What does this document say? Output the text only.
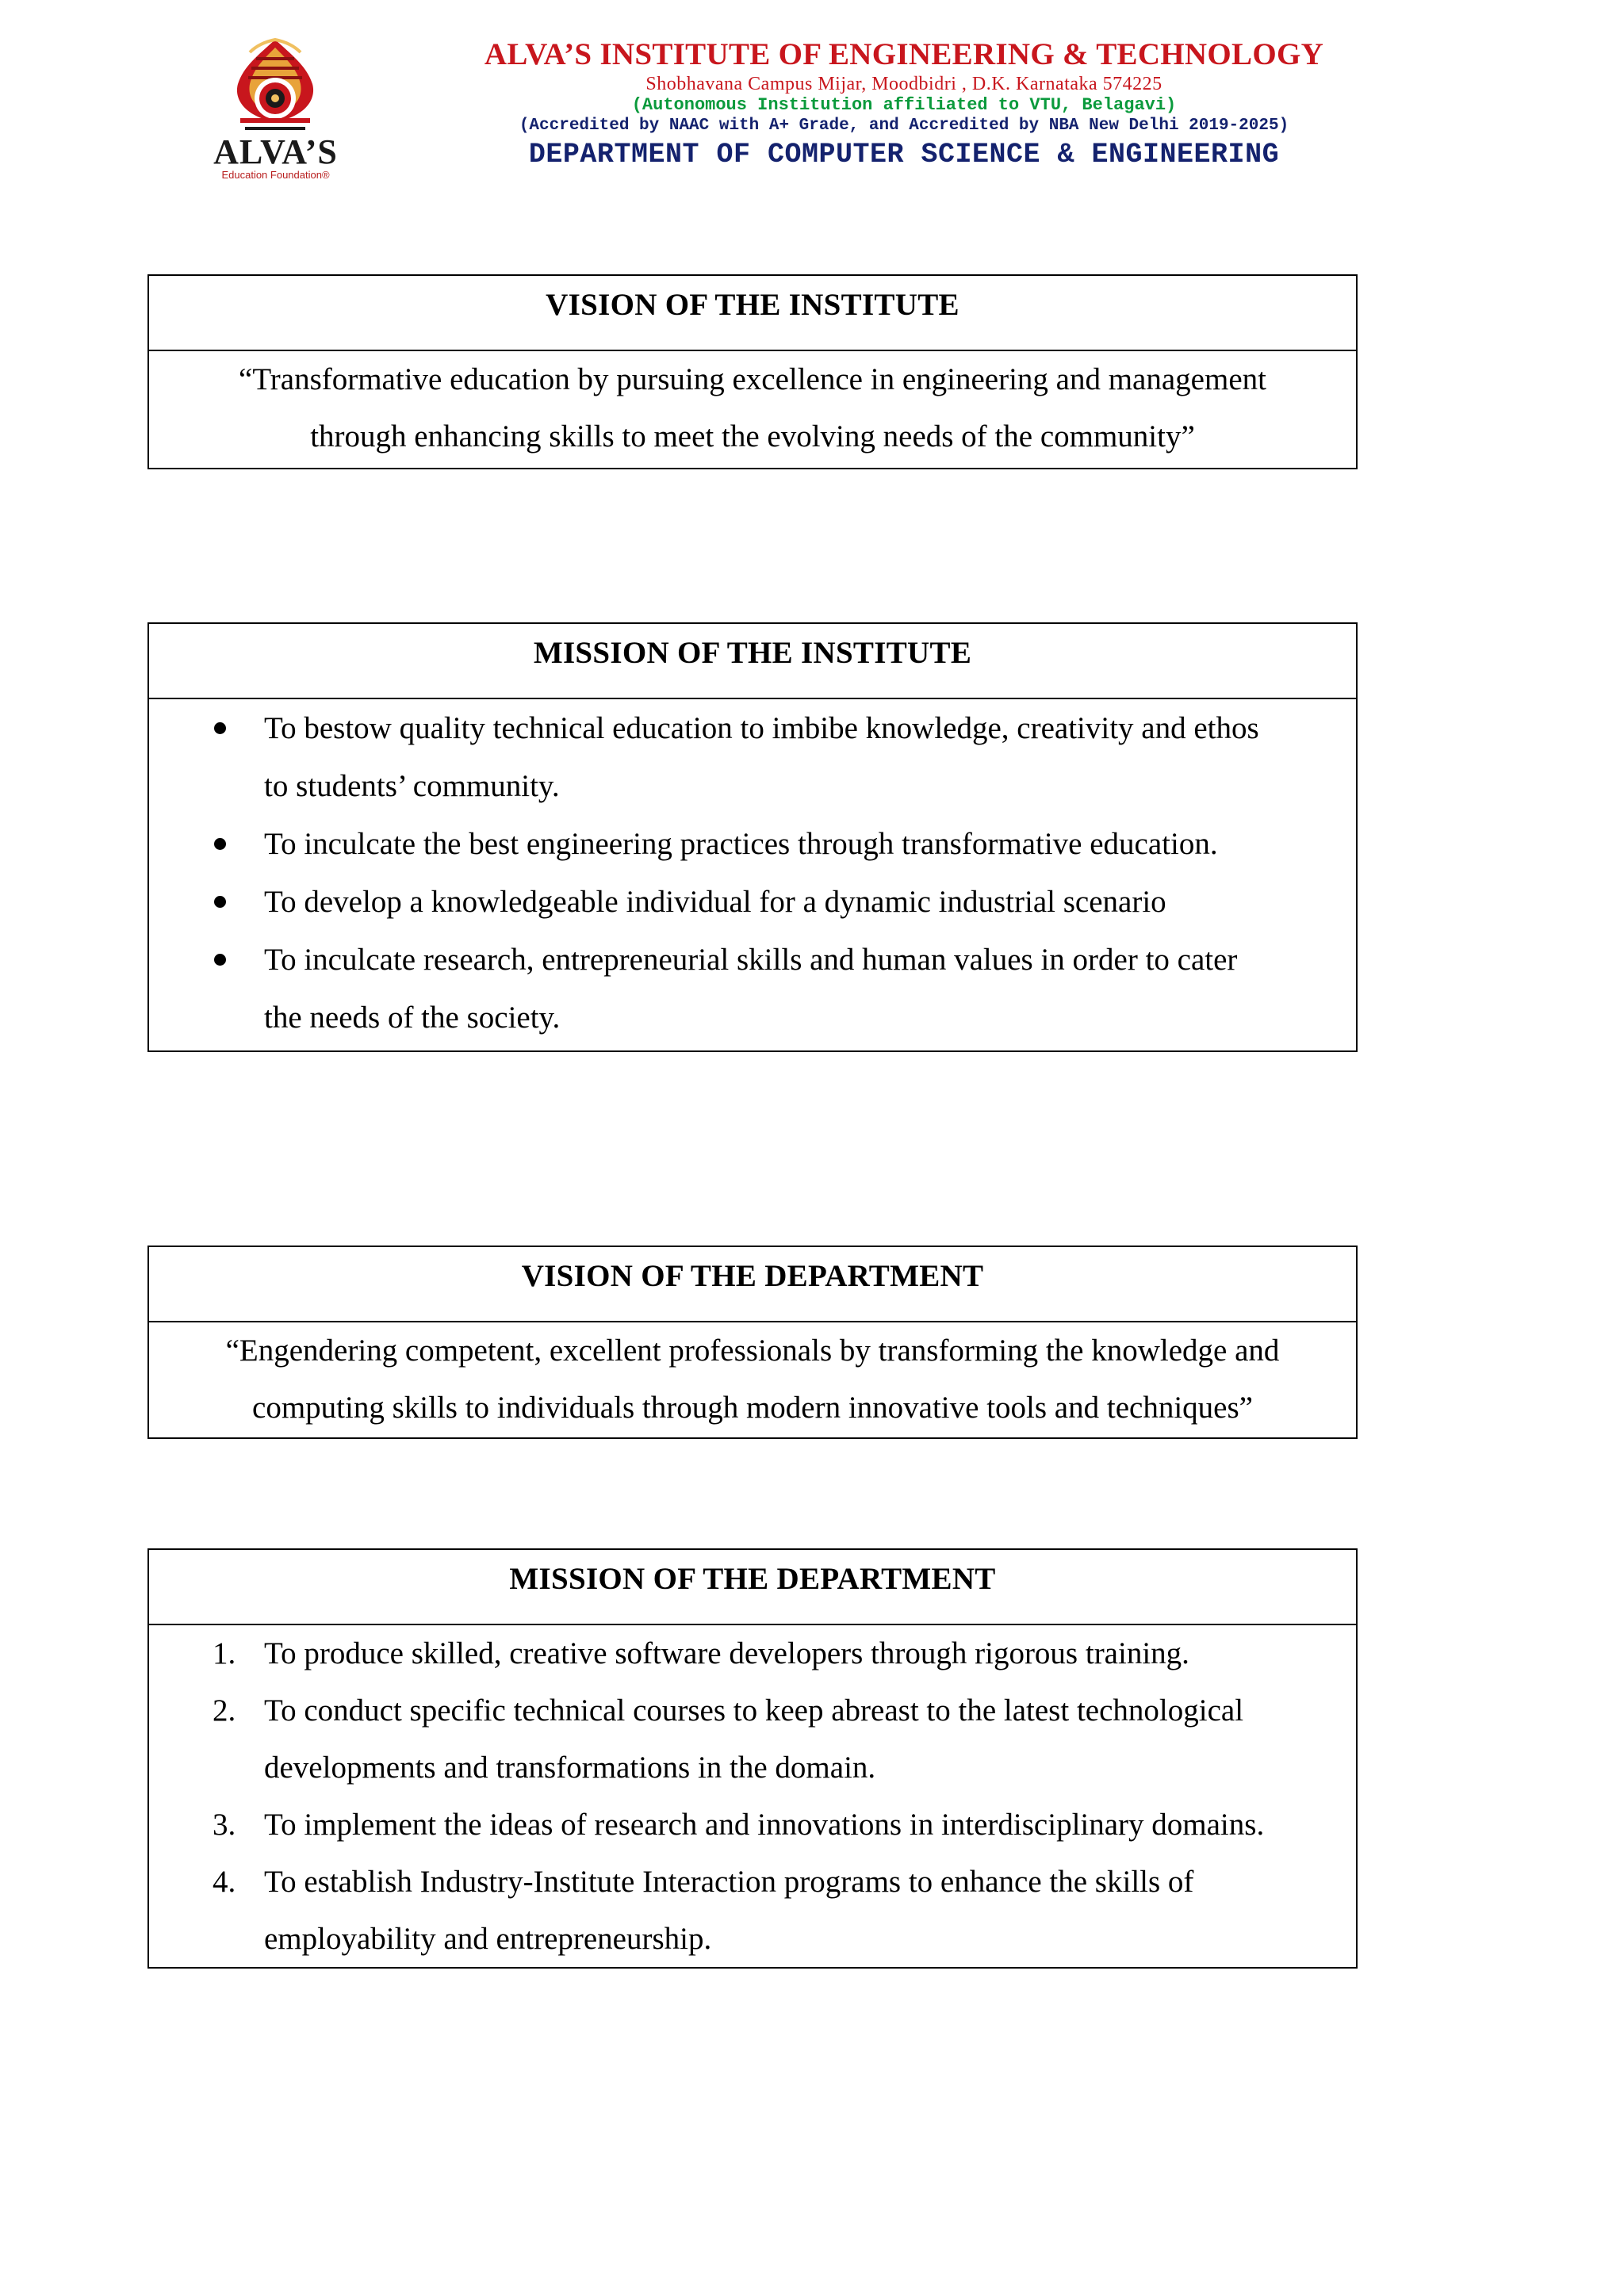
ALVA’S
Education Foundation®
ALVA’S INSTITUTE OF ENGINEERING & TECHNOLOGY
Shobhavana Campus Mijar, Moodbidri , D.K. Karnataka 574225
(Autonomous Institution affiliated to VTU, Belagavi)
(Accredited by NAAC with A+ Grade, and Accredited by NBA New Delhi 2019-2025)
DEPARTMENT OF COMPUTER SCIENCE & ENGINEERING
VISION OF THE INSTITUTE
“Transformative education by pursuing excellence in engineering and management
through enhancing skills to meet the evolving needs of the community”
MISSION OF THE INSTITUTE
To bestow quality technical education to imbibe knowledge, creativity and ethos
to students’ community.
To inculcate the best engineering practices through transformative education.
To develop a knowledgeable individual for a dynamic industrial scenario
To inculcate research, entrepreneurial skills and human values in order to cater
the needs of the society.
VISION OF THE DEPARTMENT
“Engendering competent, excellent professionals by transforming the knowledge and
computing skills to individuals through modern innovative tools and techniques”
MISSION OF THE DEPARTMENT
1. To produce skilled, creative software developers through rigorous training.
2. To conduct specific technical courses to keep abreast to the latest technological
developments and transformations in the domain.
3. To implement the ideas of research and innovations in interdisciplinary domains.
4. To establish Industry-Institute Interaction programs to enhance the skills of
employability and entrepreneurship.
